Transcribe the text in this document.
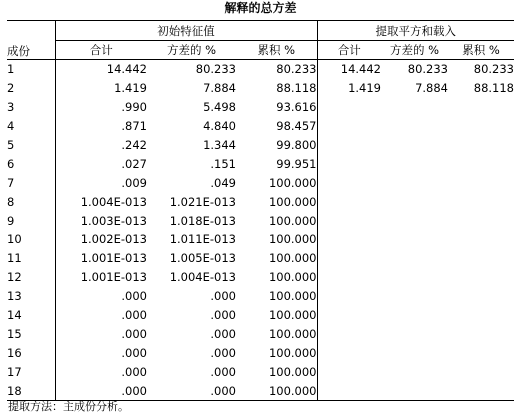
解释的总方差
成份	初始特征值			提取平方和载入		
	合计	方差的 %	累积 %	合计	方差的 %	累积 %
1	14.442	80.233	80.233	14.442	80.233	80.233
2	1.419	7.884	88.118	1.419	7.884	88.118
3	.990	5.498	93.616			
4	.871	4.840	98.457			
5	.242	1.344	99.800			
6	.027	.151	99.951			
7	.009	.049	100.000			
8	1.004E-013	1.021E-013	100.000			
9	1.003E-013	1.018E-013	100.000			
10	1.002E-013	1.011E-013	100.000			
11	1.001E-013	1.005E-013	100.000			
12	1.001E-013	1.004E-013	100.000			
13	.000	.000	100.000			
14	.000	.000	100.000			
15	.000	.000	100.000			
16	.000	.000	100.000			
17	.000	.000	100.000			
18	.000	.000	100.000			
提取方法：主成份分析。
